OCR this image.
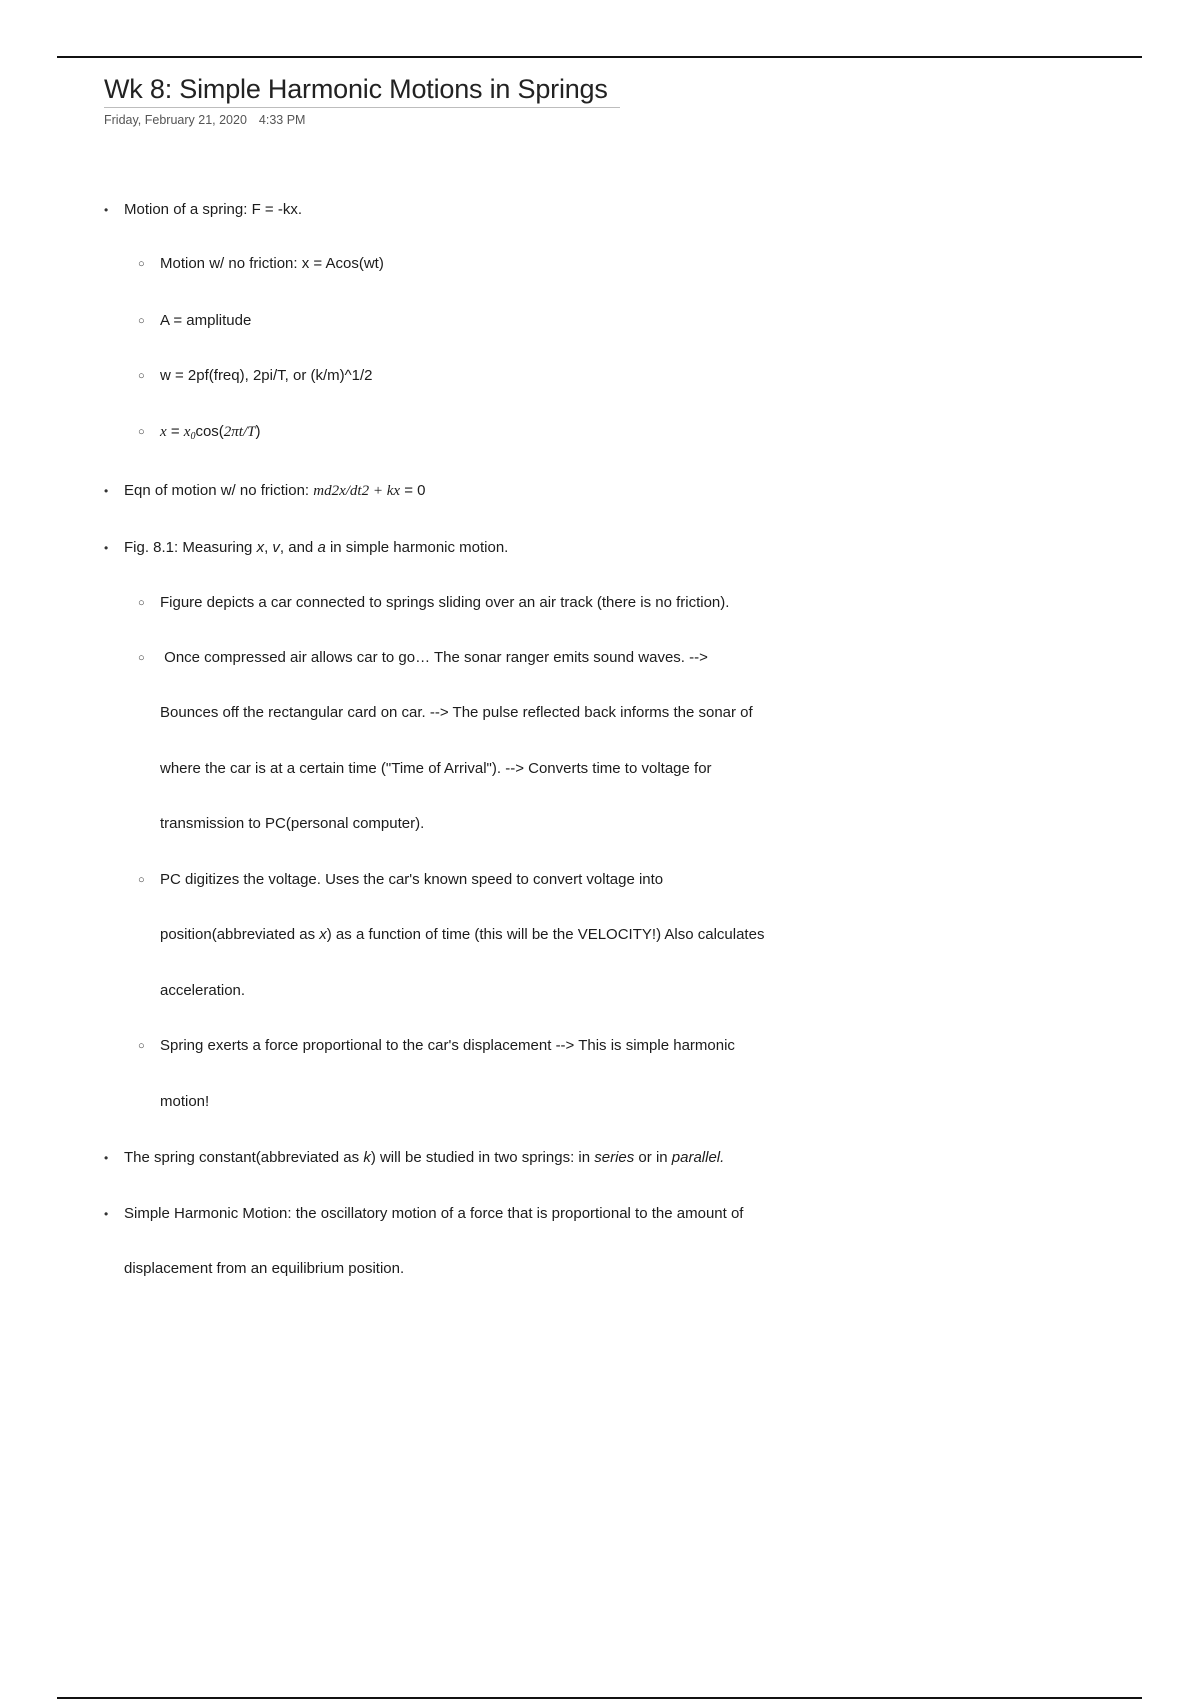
Wk 8: Simple Harmonic Motions in Springs
Friday, February 21, 2020 4:33 PM
• Motion of a spring: F = -kx.
○ Motion w/ no friction: x = Acos(wt)
○ A = amplitude
○ w = 2pf(freq), 2pi/T, or (k/m)^1/2
○ $x = x_0\cos(2\pi t/T)$
• Eqn of motion w/ no friction: md2x/dt2 + kx = 0
• Fig. 8.1: Measuring x, v, and a in simple harmonic motion.
○ Figure depicts a car connected to springs sliding over an air track (there is no friction).
○ Once compressed air allows car to go… The sonar ranger emits sound waves. -->
Bounces off the rectangular card on car. --> The pulse reflected back informs the sonar of
where the car is at a certain time ("Time of Arrival"). --> Converts time to voltage for
transmission to PC(personal computer).
○ PC digitizes the voltage. Uses the car's known speed to convert voltage into
position(abbreviated as x) as a function of time (this will be the VELOCITY!) Also calculates
acceleration.
○ Spring exerts a force proportional to the car's displacement --> This is simple harmonic
motion!
• The spring constant(abbreviated as k) will be studied in two springs: in series or in parallel.
• Simple Harmonic Motion: the oscillatory motion of a force that is proportional to the amount of
displacement from an equilibrium position.
